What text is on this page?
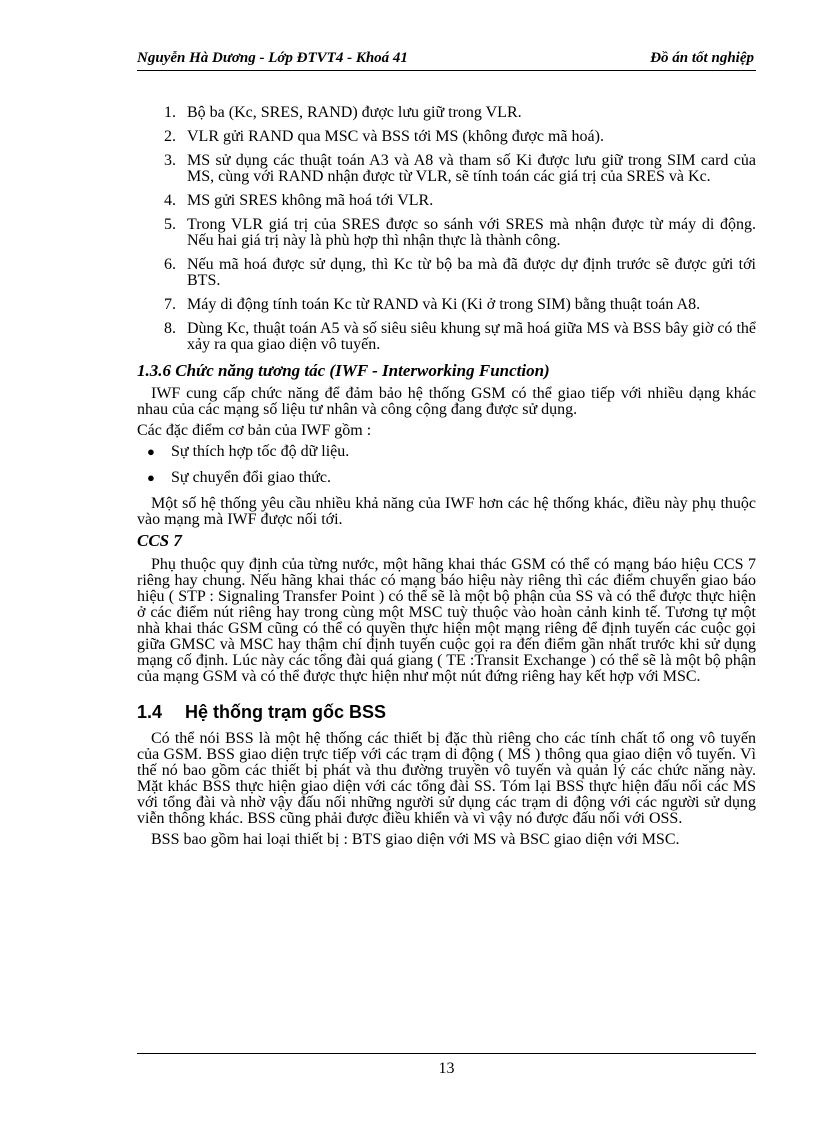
Nguyễn Hà Dương - Lớp ĐTVT4 - Khoá 41	Đồ án tốt nghiệp
1. Bộ ba (Kc, SRES, RAND) được lưu giữ trong VLR.
2. VLR gửi RAND qua MSC và BSS tới MS (không được mã hoá).
3. MS sử dụng các thuật toán A3 và A8 và tham số Ki được lưu giữ trong SIM card của MS, cùng với RAND nhận được từ VLR, sẽ tính toán các giá trị của SRES và Kc.
4. MS gửi SRES không mã hoá tới VLR.
5. Trong VLR giá trị của SRES được so sánh với SRES mà nhận được từ máy di động. Nếu hai giá trị này là phù hợp thì nhận thực là thành công.
6. Nếu mã hoá được sử dụng, thì Kc từ bộ ba mà đã được dự định trước sẽ được gửi tới BTS.
7. Máy di động tính toán Kc từ RAND và Ki (Ki ở trong SIM) bằng thuật toán A8.
8. Dùng Kc, thuật toán A5 và số siêu siêu khung sự mã hoá giữa MS và BSS bây giờ có thể xảy ra qua giao diện vô tuyến.
1.3.6 Chức năng tương tác (IWF - Interworking Function)

IWF cung cấp chức năng để đảm bảo hệ thống GSM có thể giao tiếp với nhiều dạng khác nhau của các mạng số liệu tư nhân và công cộng đang được sử dụng.

Các đặc điểm cơ bản của IWF gồm :

● Sự thích hợp tốc độ dữ liệu.
● Sự chuyển đổi giao thức.

Một số hệ thống yêu cầu nhiều khả năng của IWF hơn các hệ thống khác, điều này phụ thuộc vào mạng mà IWF được nối tới.

CCS 7

Phụ thuộc quy định của từng nước, một hãng khai thác GSM có thể có mạng báo hiệu CCS 7 riêng hay chung. Nếu hãng khai thác có mạng báo hiệu này riêng thì các điểm chuyển giao báo hiệu ( STP : Signaling Transfer Point ) có thể sẽ là một bộ phận của SS và có thể được thực hiện ở các điểm nút riêng hay trong cùng một MSC tuỳ thuộc vào hoàn cảnh kinh tế. Tương tự một nhà khai thác GSM cũng có thể có quyền thực hiện một mạng riêng để định tuyến các cuộc gọi giữa GMSC và MSC hay thậm chí định tuyến cuộc gọi ra đến điểm gần nhất trước khi sử dụng mạng cố định. Lúc này các tổng đài quá giang ( TE :Transit Exchange ) có thể sẽ là một bộ phận của mạng GSM và có thể được thực hiện như một nút đứng riêng hay kết hợp với MSC.

1.4 Hệ thống trạm gốc BSS

Có thể nói BSS là một hệ thống các thiết bị đặc thù riêng cho các tính chất tổ ong vô tuyến của GSM. BSS giao diện trực tiếp với các trạm di động ( MS ) thông qua giao diện vô tuyến. Vì thế nó bao gồm các thiết bị phát và thu đường truyền vô tuyến và quản lý các chức năng này. Mặt khác BSS thực hiện giao diện với các tổng đài SS. Tóm lại BSS thực hiện đấu nối các MS với tổng đài và nhờ vậy đấu nối những người sử dụng các trạm di động với các người sử dụng viễn thông khác. BSS cũng phải được điều khiển và vì vậy nó được đấu nối với OSS.

BSS bao gồm hai loại thiết bị : BTS giao diện với MS và BSC giao diện với MSC.

13
